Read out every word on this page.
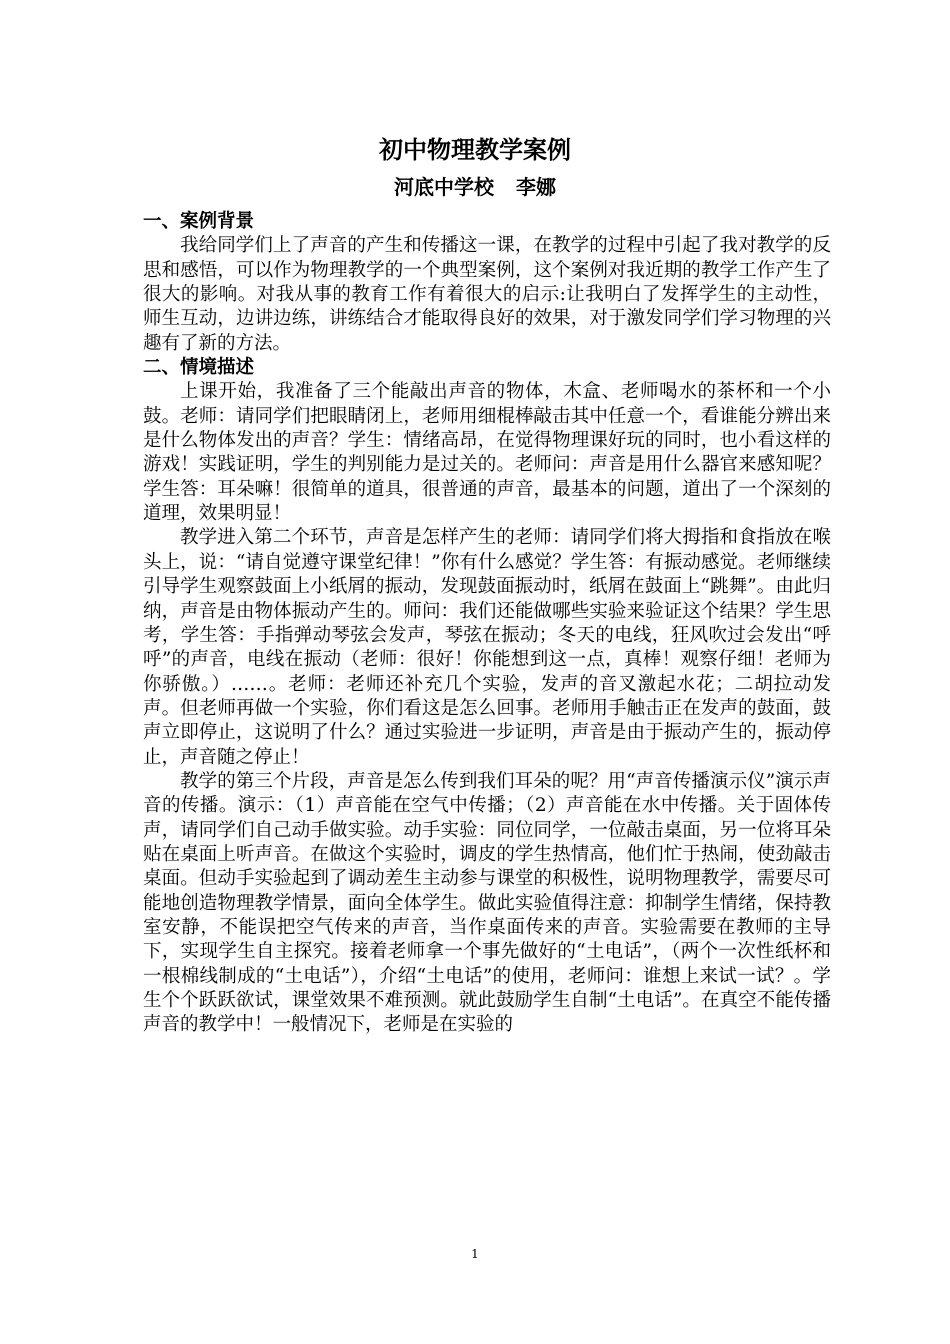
初中物理教学案例
河底中学校 李娜

一、案例背景

我给同学们上了声音的产生和传播这一课，在教学的过程中引起了我对教学的反思和感悟，可以作为物理教学的一个典型案例，这个案例对我近期的教学工作产生了很大的影响。对我从事的教育工作有着很大的启示:让我明白了发挥学生的主动性，师生互动，边讲边练，讲练结合才能取得良好的效果，对于激发同学们学习物理的兴趣有了新的方法。

二、情境描述

上课开始，我准备了三个能敲出声音的物体，木盒、老师喝水的茶杯和一个小鼓。老师：请同学们把眼睛闭上，老师用细棍棒敲击其中任意一个，看谁能分辨出来是什么物体发出的声音？学生：情绪高昂，在觉得物理课好玩的同时，也小看这样的游戏！实践证明，学生的判别能力是过关的。老师问：声音是用什么器官来感知呢？学生答：耳朵嘛！很简单的道具，很普通的声音，最基本的问题，道出了一个深刻的道理，效果明显！

教学进入第二个环节，声音是怎样产生的老师：请同学们将大拇指和食指放在喉头上，说：“请自觉遵守课堂纪律！”你有什么感觉？学生答：有振动感觉。老师继续引导学生观察鼓面上小纸屑的振动，发现鼓面振动时，纸屑在鼓面上“跳舞”。由此归纳，声音是由物体振动产生的。师问：我们还能做哪些实验来验证这个结果？学生思考，学生答：手指弹动琴弦会发声，琴弦在振动；冬天的电线，狂风吹过会发出“呼呼”的声音，电线在振动（老师：很好！你能想到这一点，真棒！观察仔细！老师为你骄傲。）……。老师：老师还补充几个实验，发声的音叉激起水花；二胡拉动发声。但老师再做一个实验，你们看这是怎么回事。老师用手触击正在发声的鼓面，鼓声立即停止，这说明了什么？通过实验进一步证明，声音是由于振动产生的，振动停止，声音随之停止！

教学的第三个片段，声音是怎么传到我们耳朵的呢？用“声音传播演示仪”演示声音的传播。演示：（1）声音能在空气中传播；（2）声音能在水中传播。关于固体传声，请同学们自己动手做实验。动手实验：同位同学，一位敲击桌面，另一位将耳朵贴在桌面上听声音。在做这个实验时，调皮的学生热情高，他们忙于热闹，使劲敲击桌面。但动手实验起到了调动差生主动参与课堂的积极性，说明物理教学，需要尽可能地创造物理教学情景，面向全体学生。做此实验值得注意：抑制学生情绪，保持教室安静，不能误把空气传来的声音，当作桌面传来的声音。实验需要在教师的主导下，实现学生自主探究。接着老师拿一个事先做好的“土电话”，（两个一次性纸杯和一根棉线制成的“土电话”），介绍“土电话”的使用，老师问：谁想上来试一试？。学生个个跃跃欲试，课堂效果不难预测。就此鼓励学生自制“土电话”。在真空不能传播声音的教学中！一般情况下，老师是在实验的

1
